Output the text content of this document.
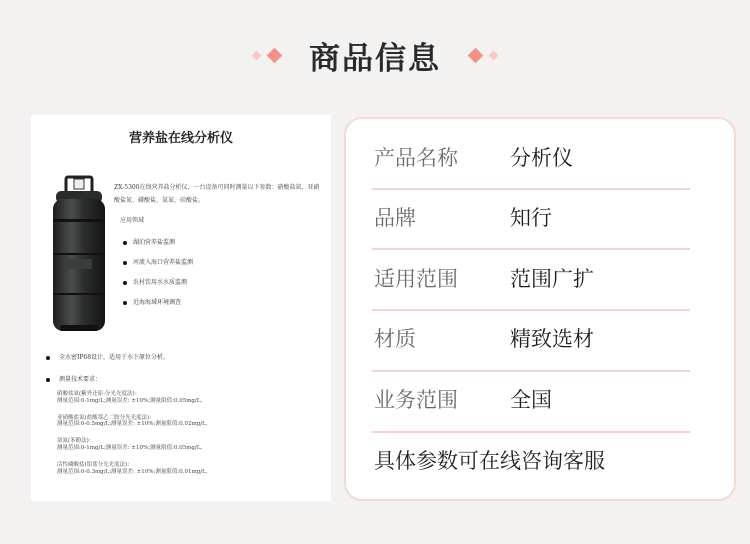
商品信息
营养盐在线分析仪
ZX-5300在线营养盐分析仪，一台设备可同时测量以下参数：硝酸盐氮、亚硝酸盐氮、磷酸盐、氨氮、硅酸盐。
应用领域
湖泊营养盐监测
河流入海口营养盐监测
农村饮用水水质监测
近海海域环境调查
全水密IP68设计，适用于水下原位分析。
测量技术要求：
硝酸盐氮(紫外还原-分光光度法)：
测量范围:0-1mg/L;测量误差: ±10%;测量限值:0.05mg/L。
亚硝酸盐氮(盐酸萘乙二胺分光光度法)：
测量范围:0-0.5mg/L;测量误差: ±10%;测量限值:0.02mg/L。
氨氮(苯酚法)：
测量范围:0-1mg/L;测量误差: ±10%;测量限值:0.05mg/L。
活性磷酸盐(钼蓝分光光度法)：
测量范围:0-0.3mg/L;测量误差: ±10%;测量限值:0.01mg/L。
产品名称	分析仪
品牌	知行
适用范围	范围广扩
材质	精致选材
业务范围	全国
具体参数可在线咨询客服
